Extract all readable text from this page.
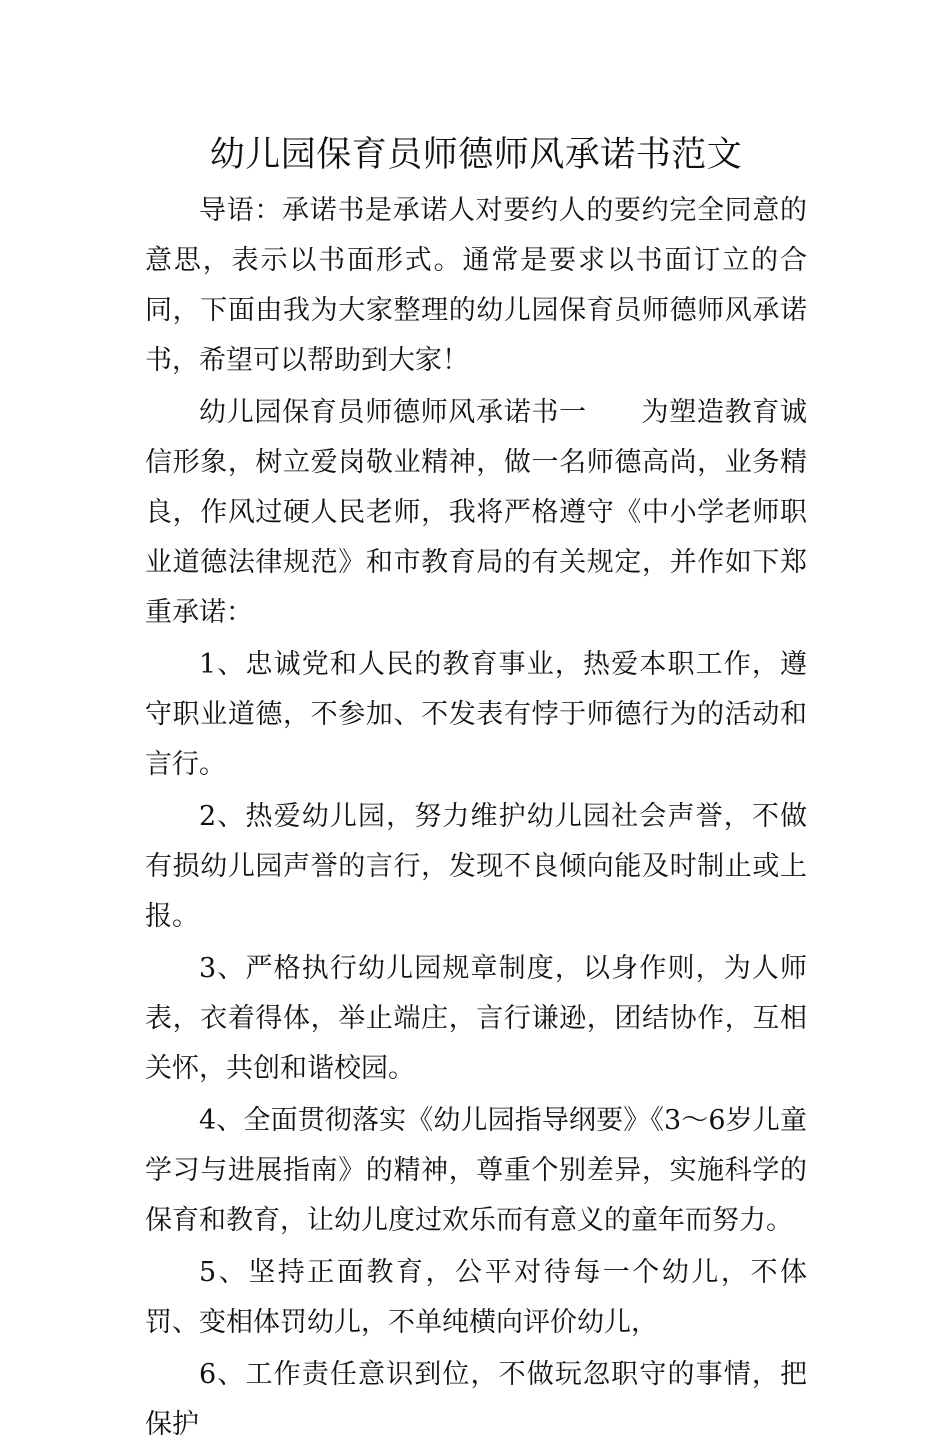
幼儿园保育员师德师风承诺书范文

导语：承诺书是承诺人对要约人的要约完全同意的意思，表示以书面形式。通常是要求以书面订立的合同，下面由我为大家整理的幼儿园保育员师德师风承诺书，希望可以帮助到大家！

幼儿园保育员师德师风承诺书一 为塑造教育诚信形象，树立爱岗敬业精神，做一名师德高尚，业务精良，作风过硬人民老师，我将严格遵守《中小学老师职业道德法律规范》和市教育局的有关规定，并作如下郑重承诺：

1、忠诚党和人民的教育事业，热爱本职工作，遵守职业道德，不参加、不发表有悖于师德行为的活动和言行。

2、热爱幼儿园，努力维护幼儿园社会声誉，不做有损幼儿园声誉的言行，发现不良倾向能及时制止或上报。

3、严格执行幼儿园规章制度，以身作则，为人师表，衣着得体，举止端庄，言行谦逊，团结协作，互相关怀，共创和谐校园。

4、全面贯彻落实《幼儿园指导纲要》《3～6岁儿童学习与进展指南》的精神，尊重个别差异，实施科学的保育和教育，让幼儿度过欢乐而有意义的童年而努力。

5、坚持正面教育，公平对待每一个幼儿，不体罚、变相体罚幼儿，不单纯横向评价幼儿，

6、工作责任意识到位，不做玩忽职守的事情，把保护
